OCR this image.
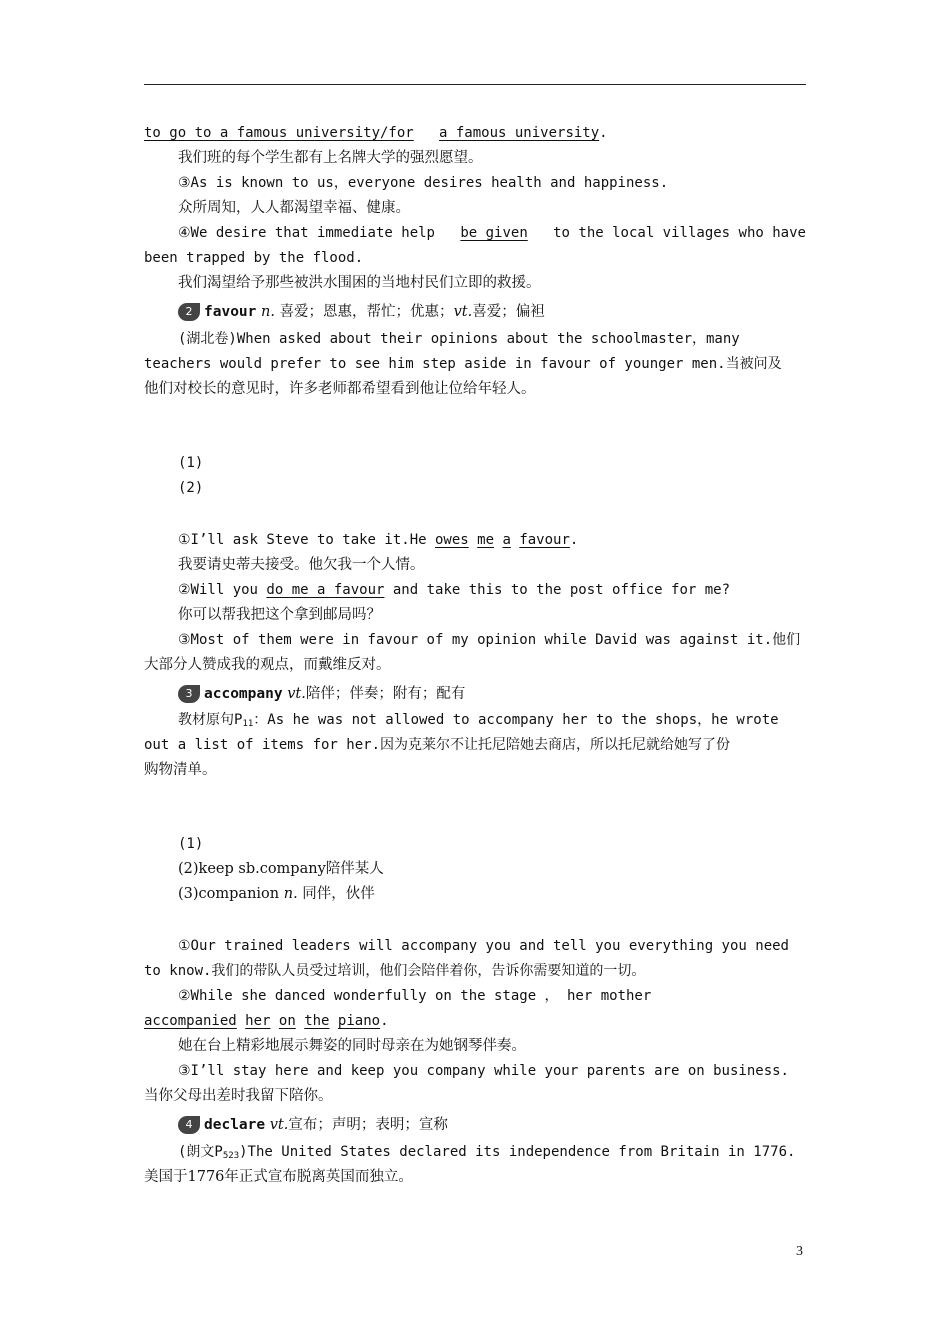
to go to a famous university/for a famous university.
我们班的每个学生都有上名牌大学的强烈愿望。
③As is known to us，everyone desires health and happiness.
众所周知，人人都渴望幸福、健康。
④We desire that immediate help be given to the local villages who have
been trapped by the flood.
我们渴望给予那些被洪水围困的当地村民们立即的救援。
2 favour n. 喜爱；恩惠，帮忙；优惠；vt.喜爱；偏袒
(湖北卷)When asked about their opinions about the schoolmaster，many
teachers would prefer to see him step aside in favour of younger men.当被问及
他们对校长的意见时，许多老师都希望看到他让位给年轻人。
(1)
(2)
①I’ll ask Steve to take it.He owes me a favour.
我要请史蒂夫接受。他欠我一个人情。
②Will you do me a favour and take this to the post office for me?
你可以帮我把这个拿到邮局吗？
③Most of them were in favour of my opinion while David was against it.他们
大部分人赞成我的观点，而戴维反对。
3 accompany vt.陪伴；伴奏；附有；配有
教材原句$P_{11}$：As he was not allowed to accompany her to the shops，he wrote
out a list of items for her.因为克莱尔不让托尼陪她去商店，所以托尼就给她写了份
购物清单。
(1)
(2)keep sb.company陪伴某人
(3)companion n. 同伴，伙伴
①Our trained leaders will accompany you and tell you everything you need
to know.我们的带队人员受过培训，他们会陪伴着你，告诉你需要知道的一切。
②While she danced wonderfully on the stage ， her mother
accompanied her on the piano.
她在台上精彩地展示舞姿的同时母亲在为她钢琴伴奏。
③I’ll stay here and keep you company while your parents are on business.
当你父母出差时我留下陪你。
4 declare vt.宣布；声明；表明；宣称
(朗文$P_{523})The$ United States declared its independence from Britain in 1776.
美国于1776年正式宣布脱离英国而独立。
3
